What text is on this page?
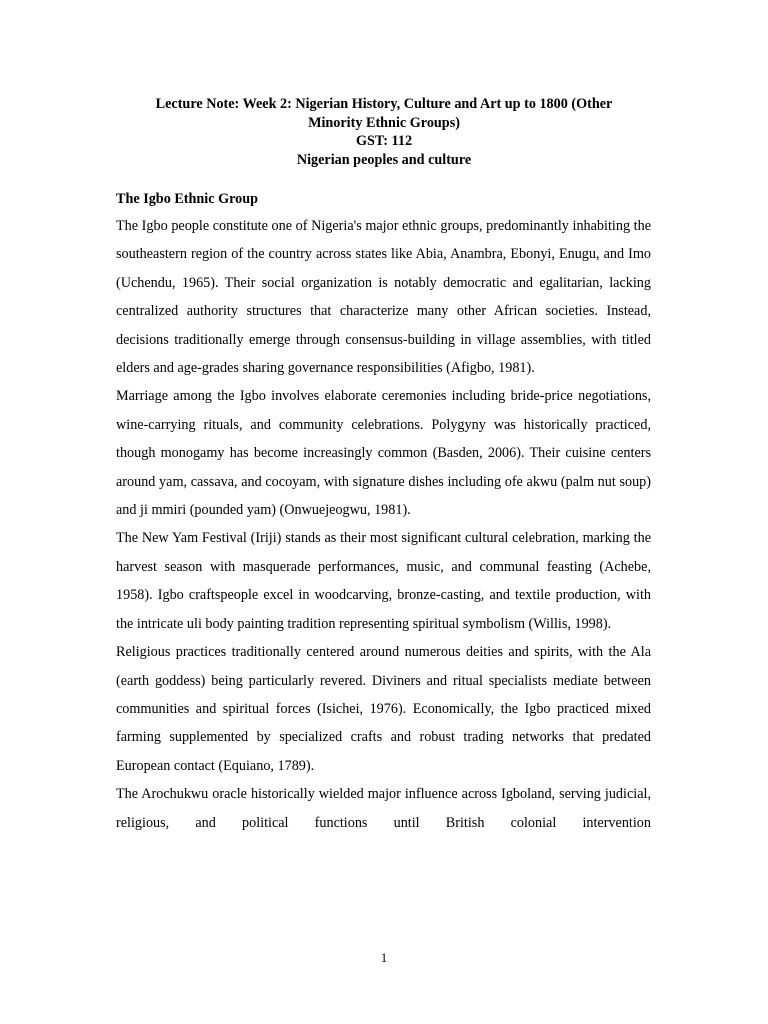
Lecture Note: Week 2: Nigerian History, Culture and Art up to 1800 (Other
Minority Ethnic Groups)
GST: 112
Nigerian peoples and culture
The Igbo Ethnic Group

The Igbo people constitute one of Nigeria's major ethnic groups, predominantly inhabiting the southeastern region of the country across states like Abia, Anambra, Ebonyi, Enugu, and Imo (Uchendu, 1965). Their social organization is notably democratic and egalitarian, lacking centralized authority structures that characterize many other African societies. Instead, decisions traditionally emerge through consensus-building in village assemblies, with titled elders and age-grades sharing governance responsibilities (Afigbo, 1981).

Marriage among the Igbo involves elaborate ceremonies including bride-price negotiations, wine-carrying rituals, and community celebrations. Polygyny was historically practiced, though monogamy has become increasingly common (Basden, 2006). Their cuisine centers around yam, cassava, and cocoyam, with signature dishes including ofe akwu (palm nut soup) and ji mmiri (pounded yam) (Onwuejeogwu, 1981).

The New Yam Festival (Iriji) stands as their most significant cultural celebration, marking the harvest season with masquerade performances, music, and communal feasting (Achebe, 1958). Igbo craftspeople excel in woodcarving, bronze-casting, and textile production, with the intricate uli body painting tradition representing spiritual symbolism (Willis, 1998).

Religious practices traditionally centered around numerous deities and spirits, with the Ala (earth goddess) being particularly revered. Diviners and ritual specialists mediate between communities and spiritual forces (Isichei, 1976). Economically, the Igbo practiced mixed farming supplemented by specialized crafts and robust trading networks that predated European contact (Equiano, 1789).

The Arochukwu oracle historically wielded major influence across Igboland, serving judicial, religious, and political functions until British colonial intervention

1
